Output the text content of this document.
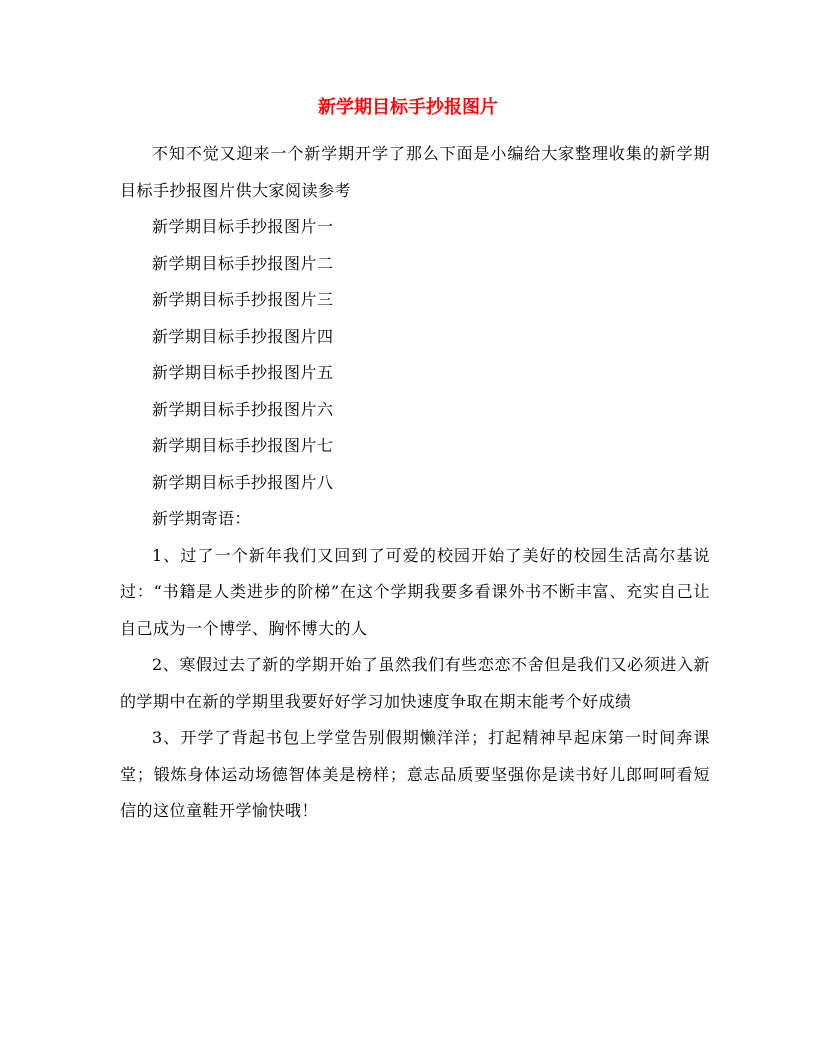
新学期目标手抄报图片

不知不觉又迎来一个新学期开学了那么下面是小编给大家整理收集的新学期目标手抄报图片供大家阅读参考

新学期目标手抄报图片一

新学期目标手抄报图片二

新学期目标手抄报图片三

新学期目标手抄报图片四

新学期目标手抄报图片五

新学期目标手抄报图片六

新学期目标手抄报图片七

新学期目标手抄报图片八

新学期寄语：

1、过了一个新年我们又回到了可爱的校园开始了美好的校园生活高尔基说过：“书籍是人类进步的阶梯”在这个学期我要多看课外书不断丰富、充实自己让自己成为一个博学、胸怀博大的人

2、寒假过去了新的学期开始了虽然我们有些恋恋不舍但是我们又必须进入新的学期中在新的学期里我要好好学习加快速度争取在期末能考个好成绩

3、开学了背起书包上学堂告别假期懒洋洋；打起精神早起床第一时间奔课堂；锻炼身体运动场德智体美是榜样；意志品质要坚强你是读书好儿郎呵呵看短信的这位童鞋开学愉快哦！
